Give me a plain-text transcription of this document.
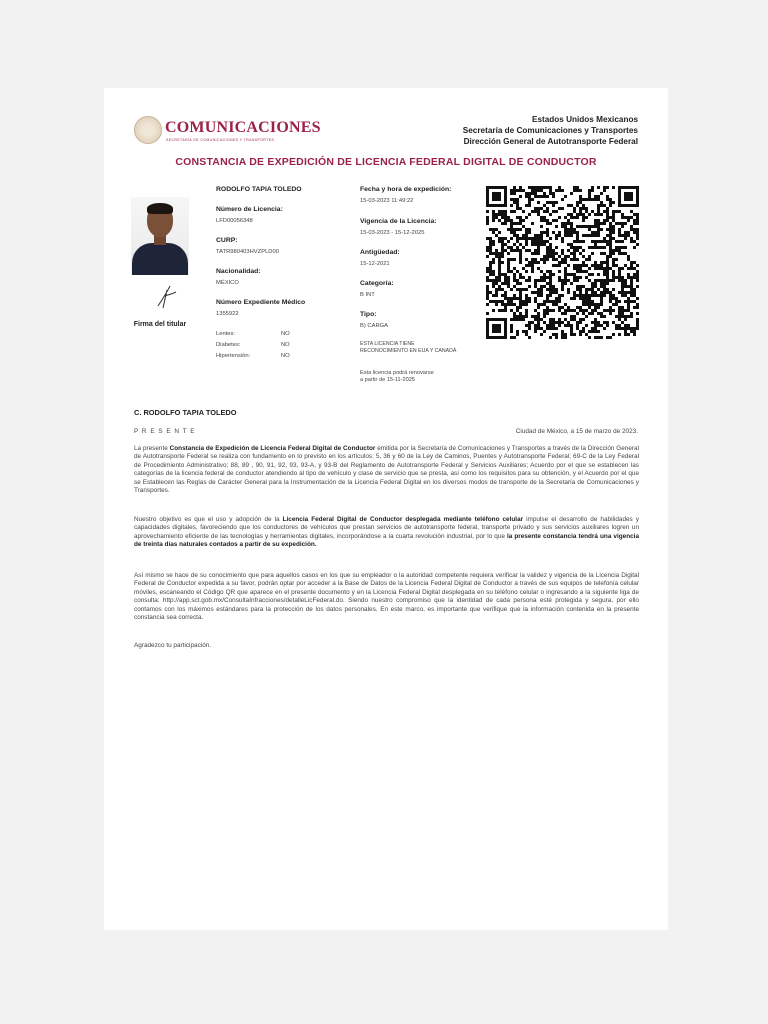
COMUNICACIONES
SECRETARÍA DE COMUNICACIONES Y TRANSPORTES
Estados Unidos Mexicanos
Secretaría de Comunicaciones y Transportes
Dirección General de Autotransporte Federal
CONSTANCIA DE EXPEDICIÓN DE LICENCIA FEDERAL DIGITAL DE CONDUCTOR
Firma del titular
RODOLFO TAPIA TOLEDO
Número de Licencia:
LFD00056348
CURP:
TATR980403HVZPLD00
Nacionalidad:
MÉXICO
Número Expediente Médico
1355922
Lentes:	NO
Diabetes:	NO
Hipertensión:	NO
Fecha y hora de expedición:
15-03-2023 11:49:22
Vigencia de la Licencia:
15-03-2023 - 15-12-2025
Antigüedad:
15-12-2021
Categoría:
B INT
Tipo:
B) CARGA
ESTA LICENCIA TIENE
RECONOCIMIENTO EN EUA Y CANADÁ
Esta licencia podrá renovarse
a partir de 15-11-2025
C. RODOLFO TAPIA TOLEDO
P R E S E N T E	Ciudad de México, a 15 de marzo de 2023.
La presente Constancia de Expedición de Licencia Federal Digital de Conductor emitida por la Secretaría de Comunicaciones y Transportes a través de la Dirección General de Autotransporte Federal se realiza con fundamento en lo previsto en los artículos: 5, 36 y 60 de la Ley de Caminos, Puentes y Autotransporte Federal; 69-C de la Ley Federal de Procedimiento Administrativo; 88, 89 , 90, 91, 92, 93, 93-A, y 93-B del Reglamento de Autotransporte Federal y Servicios Auxiliares; Acuerdo por el que se establecen las categorías de la licencia federal de conductor atendiendo al tipo de vehículo y clase de servicio que se presta, así como los requisitos para su obtención, y el Acuerdo por el que se Establecen las Reglas de Carácter General para la Instrumentación de la Licencia Federal Digital en los diversos modos de transporte de la Secretaría de Comunicaciones y Transportes.
Nuestro objetivo es que el uso y adopción de la Licencia Federal Digital de Conductor desplegada mediante teléfono celular impulse el desarrollo de habilidades y capacidades digitales, favoreciendo que los conductores de vehículos que prestan servicios de autotransporte federal, transporte privado y sus servicios auxiliares logren un aprovechamiento eficiente de las tecnologías y herramientas digitales, incorporándose a la cuarta revolución industrial, por lo que la presente constancia tendrá una vigencia de treinta días naturales contados a partir de su expedición.
Así mismo se hace de su conocimiento que para aquellos casos en los que su empleador o la autoridad competente requiera verificar la validez y vigencia de la Licencia Digital Federal de Conductor expedida a su favor, podrán optar por acceder a la Base de Datos de la Licencia Federal Digital de Conductor a través de sus equipos de telefonía celular móviles, escaneando el Código QR que aparece en el presente documento y en la Licencia Federal Digital desplegada en su teléfono celular o ingresando a la siguiente liga de consulta: http://app.sct.gob.mx/ConsultaInfracciones/detalleLicFederal.do. Siendo nuestro compromiso que la identidad de cada persona esté protegida y segura, por ello contamos con los máximos estándares para la protección de los datos personales. En este marco, es importante que verifique que la información contenida en la presente constancia sea correcta.
Agradezco tu participación.
